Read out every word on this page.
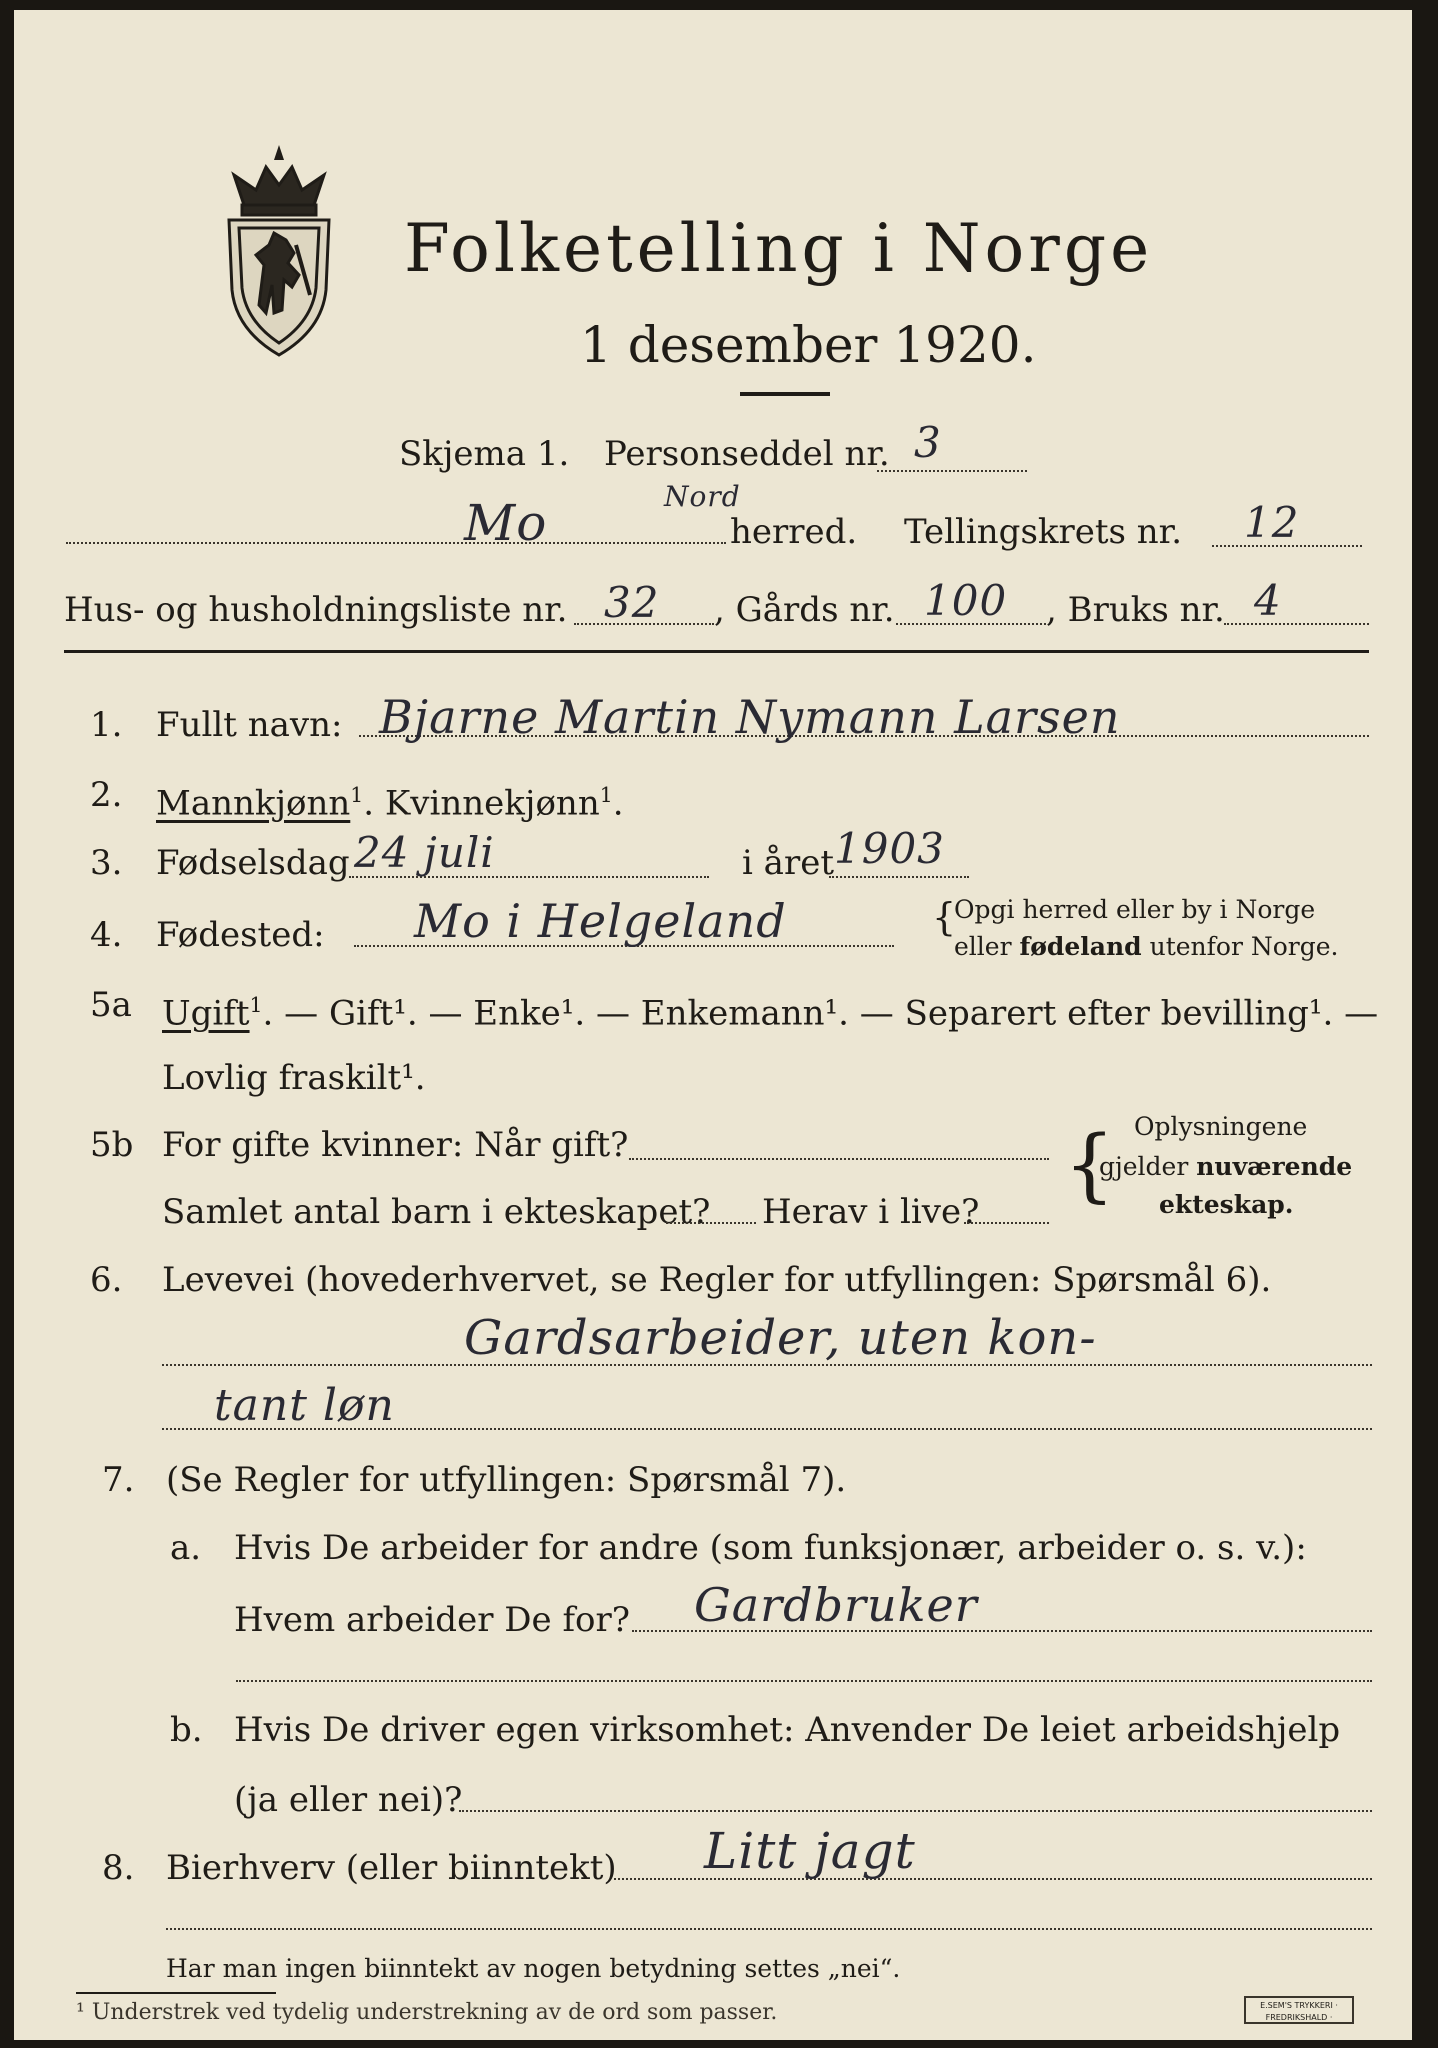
Folketelling i Norge
1 desember 1920.
Skjema 1. Personseddel nr. 3
Mo	Nord
herred. Tellingskrets nr. 12
Hus- og husholdningsliste nr. 32 , Gårds nr. 100 , Bruks nr. 4
1. Fullt navn: Bjarne Martin Nymann Larsen
2. Mannkjønn$^1$. Kvinnekjønn$^1$.
3. Fødselsdag 24 juli	i året 1903
4. Fødested: Mo i Helgeland	{
Opgi herred eller by i Norge
eller fødeland utenfor Norge.
5a Ugift$^1$. — Gift¹. — Enke¹. — Enkemann¹. — Separert efter bevilling¹. —
Lovlig fraskilt¹.
5b For gifte kvinner: Når gift?
Samlet antal barn i ekteskapet? Herav i live?
{ Oplysningene
gjelder nuværende
ekteskap.
6. Levevei (hovederhvervet, se Regler for utfyllingen: Spørsmål 6).
Gardsarbeider, uten kon-
tant løn
7. (Se Regler for utfyllingen: Spørsmål 7).
a. Hvis De arbeider for andre (som funksjonær, arbeider o. s. v.):
Hvem arbeider De for? Gardbruker
b. Hvis De driver egen virksomhet: Anvender De leiet arbeidshjelp
(ja eller nei)?
8. Bierhverv (eller biinntekt) Litt jagt
Har man ingen biinntekt av nogen betydning settes „nei“.
¹ Understrek ved tydelig understrekning av de ord som passer.	E.SEM'S TRYKKERI · FREDRIKSHALD ·
